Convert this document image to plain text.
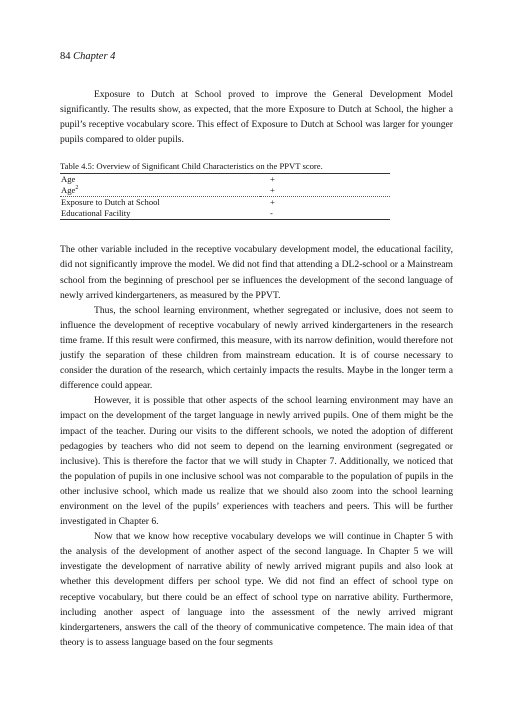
84 Chapter 4

Exposure to Dutch at School proved to improve the General Development Model significantly. The results show, as expected, that the more Exposure to Dutch at School, the higher a pupil’s receptive vocabulary score. This effect of Exposure to Dutch at School was larger for younger pupils compared to older pupils.

Table 4.5: Overview of Significant Child Characteristics on the PPVT score.
Age	+
Age$^2$	+
Exposure to Dutch at School	+
Educational Facility	-

The other variable included in the receptive vocabulary development model, the educational facility, did not significantly improve the model. We did not find that attending a DL2-school or a Mainstream school from the beginning of preschool per se influences the development of the second language of newly arrived kindergarteners, as measured by the PPVT.

Thus, the school learning environment, whether segregated or inclusive, does not seem to influence the development of receptive vocabulary of newly arrived kindergarteners in the research time frame. If this result were confirmed, this measure, with its narrow definition, would therefore not justify the separation of these children from mainstream education. It is of course necessary to consider the duration of the research, which certainly impacts the results. Maybe in the longer term a difference could appear.

However, it is possible that other aspects of the school learning environment may have an impact on the development of the target language in newly arrived pupils. One of them might be the impact of the teacher. During our visits to the different schools, we noted the adoption of different pedagogies by teachers who did not seem to depend on the learning environment (segregated or inclusive). This is therefore the factor that we will study in Chapter 7. Additionally, we noticed that the population of pupils in one inclusive school was not comparable to the population of pupils in the other inclusive school, which made us realize that we should also zoom into the school learning environment on the level of the pupils’ experiences with teachers and peers. This will be further investigated in Chapter 6.

Now that we know how receptive vocabulary develops we will continue in Chapter 5 with the analysis of the development of another aspect of the second language. In Chapter 5 we will investigate the development of narrative ability of newly arrived migrant pupils and also look at whether this development differs per school type. We did not find an effect of school type on receptive vocabulary, but there could be an effect of school type on narrative ability. Furthermore, including another aspect of language into the assessment of the newly arrived migrant kindergarteners, answers the call of the theory of communicative competence. The main idea of that theory is to assess language based on the four segments
